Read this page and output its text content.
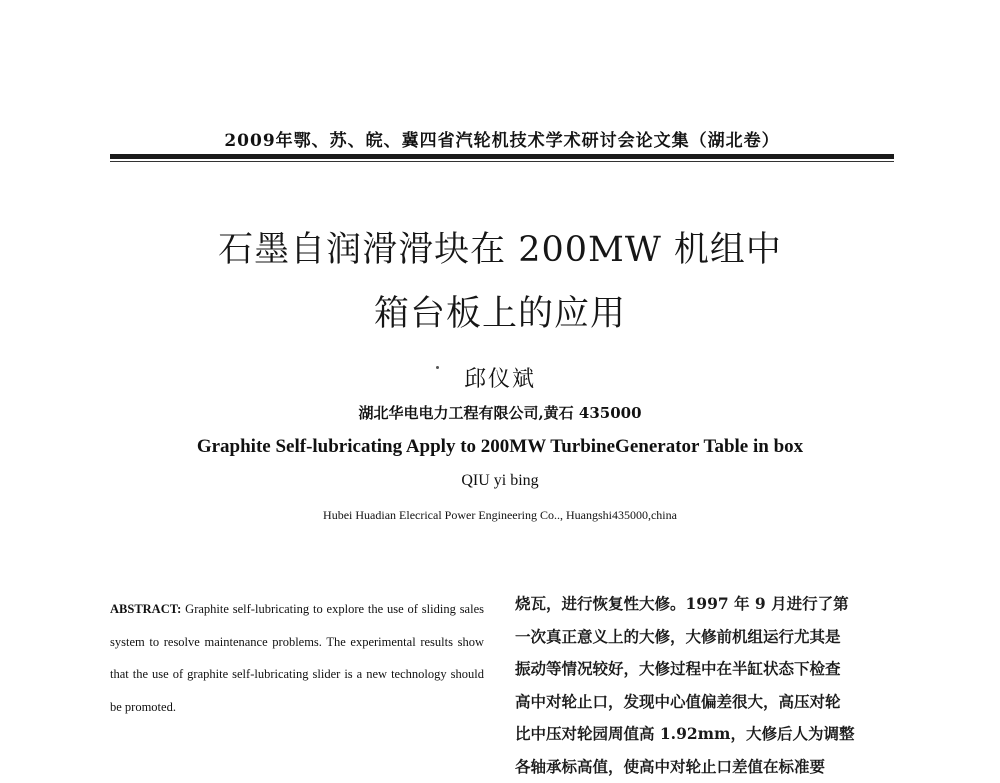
2009年鄂、苏、皖、冀四省汽轮机技术学术研讨会论文集（湖北卷）
石墨自润滑滑块在 200MW 机组中
箱台板上的应用
邱仪斌
湖北华电电力工程有限公司,黄石 435000
Graphite Self-lubricating Apply to 200MW TurbineGenerator Table in box
QIU yi bing
Hubei Huadian Elecrical Power Engineering Co.., Huangshi435000,china
ABSTRACT: Graphite self-lubricating to explore the use of sliding sales system to resolve maintenance problems. The experimental results show that the use of graphite self-lubricating slider is a new technology should be promoted.
烧瓦，进行恢复性大修。1997 年 9 月进行了第
一次真正意义上的大修，大修前机组运行尤其是
振动等情况较好，大修过程中在半缸状态下检查
高中对轮止口，发现中心值偏差很大，高压对轮
比中压对轮园周值高 1.92mm，大修后人为调整
各轴承标高值，使高中对轮止口差值在标准要
